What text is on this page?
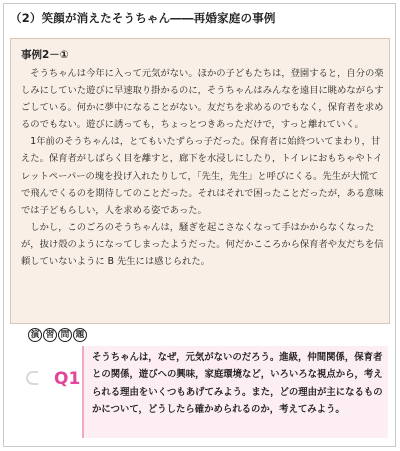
（2）笑顔が消えたそうちゃん――再婚家庭の事例
事例2－①

そうちゃんは今年に入って元気がない。ほかの子どもたちは，登園すると，自分の楽しみにしていた遊びに早速取り掛かるのに，そうちゃんはみんなを遠目に眺めながらすごしている。何かに夢中になることがない。友だちを求めるのでもなく，保育者を求めるのでもない。遊びに誘っても，ちょっとつきあっただけで，すっと離れていく。

1年前のそうちゃんは，とてもいたずらっ子だった。保育者に始終ついてまわり，甘えた。保育者がしばらく目を離すと，廊下を水浸しにしたり，トイレにおもちゃやトイレットペーパーの塊を投げ入れたりして，「先生，先生」と呼びにくる。先生が大慌てで飛んでくるのを期待してのことだった。それはそれで困ったことだったが，ある意味では子どもらしい，人を求める姿であった。

しかし，このごろのそうちゃんは，騒ぎを起こさなくなって手はかからなくなったが，抜け殻のようになってしまったようだった。何だかこころから保育者や友だちを信頼していないように B 先生には感じられた。

演 習 問 題
Q1
そうちゃんは，なぜ，元気がないのだろう。進級，仲間関係，保育者との関係，遊びへの興味，家庭環境など，いろいろな視点から，考えられる理由をいくつもあげてみよう。また，どの理由が主になるものかについて，どうしたら確かめられるのか，考えてみよう。
